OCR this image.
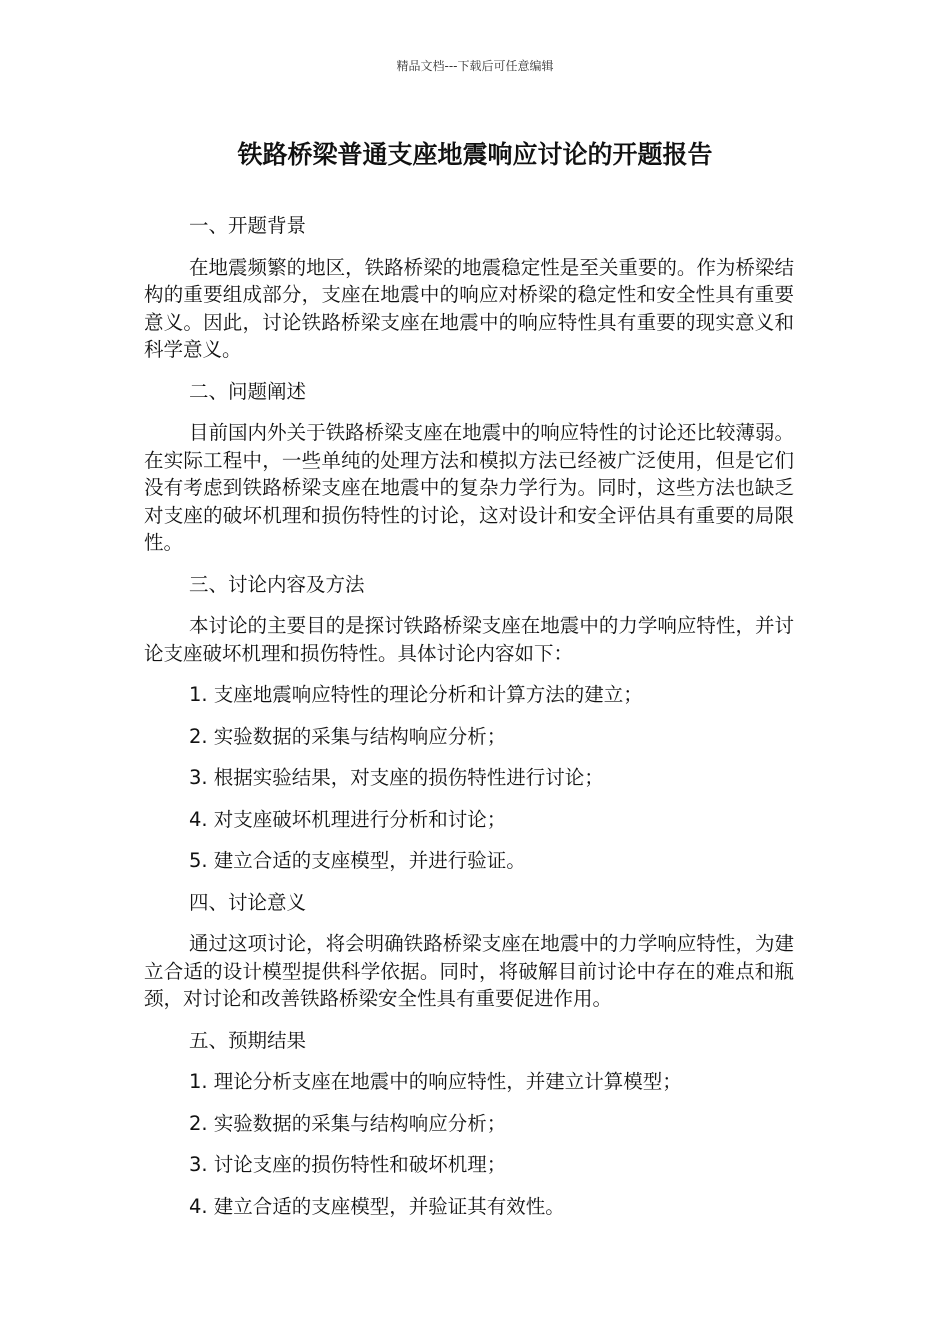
精品文档---下载后可任意编辑
铁路桥梁普通支座地震响应讨论的开题报告
一、开题背景

在地震频繁的地区，铁路桥梁的地震稳定性是至关重要的。作为桥梁结构的重要组成部分，支座在地震中的响应对桥梁的稳定性和安全性具有重要意义。因此，讨论铁路桥梁支座在地震中的响应特性具有重要的现实意义和科学意义。

二、问题阐述

目前国内外关于铁路桥梁支座在地震中的响应特性的讨论还比较薄弱。在实际工程中，一些单纯的处理方法和模拟方法已经被广泛使用，但是它们没有考虑到铁路桥梁支座在地震中的复杂力学行为。同时，这些方法也缺乏对支座的破坏机理和损伤特性的讨论，这对设计和安全评估具有重要的局限性。

三、讨论内容及方法

本讨论的主要目的是探讨铁路桥梁支座在地震中的力学响应特性，并讨论支座破坏机理和损伤特性。具体讨论内容如下：

1. 支座地震响应特性的理论分析和计算方法的建立；
2. 实验数据的采集与结构响应分析；
3. 根据实验结果，对支座的损伤特性进行讨论；
4. 对支座破坏机理进行分析和讨论；
5. 建立合适的支座模型，并进行验证。
四、讨论意义

通过这项讨论，将会明确铁路桥梁支座在地震中的力学响应特性，为建立合适的设计模型提供科学依据。同时，将破解目前讨论中存在的难点和瓶颈，对讨论和改善铁路桥梁安全性具有重要促进作用。

五、预期结果
1. 理论分析支座在地震中的响应特性，并建立计算模型；
2. 实验数据的采集与结构响应分析；
3. 讨论支座的损伤特性和破坏机理；
4. 建立合适的支座模型，并验证其有效性。
